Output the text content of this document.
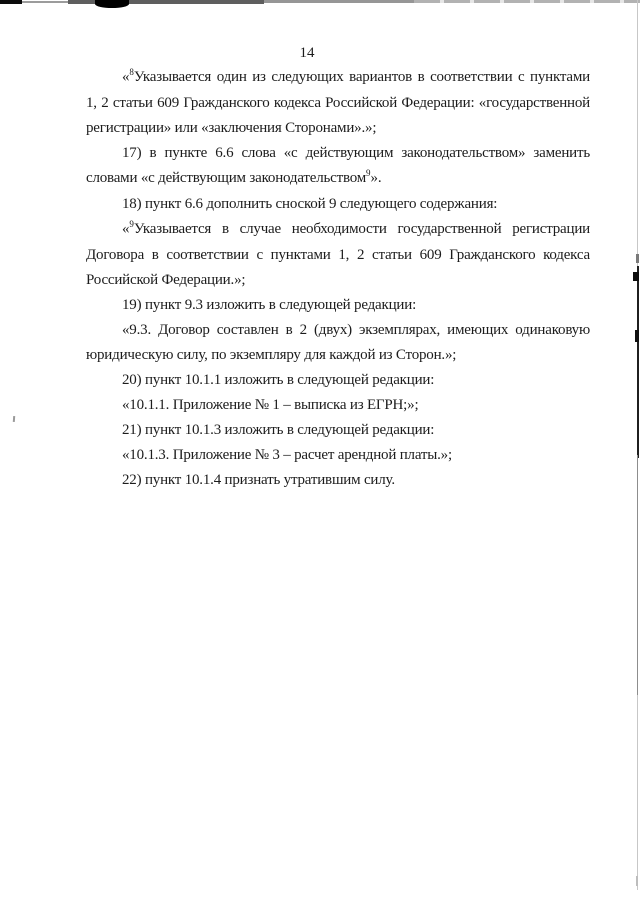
14
«$^8$Указывается один из следующих вариантов в соответствии с пунктами
1, 2 статьи 609 Гражданского кодекса Российской Федерации: «государственной
регистрации» или «заключения Сторонами».»;
17) в пункте 6.6 слова «с действующим законодательством» заменить
словами «с действующим законодательством$^9$».
18) пункт 6.6 дополнить сноской 9 следующего содержания:
«$^9$Указывается в случае необходимости государственной регистрации
Договора в соответствии с пунктами 1, 2 статьи 609 Гражданского кодекса
Российской Федерации.»;
19) пункт 9.3 изложить в следующей редакции:
«9.3. Договор составлен в 2 (двух) экземплярах, имеющих одинаковую
юридическую силу, по экземпляру для каждой из Сторон.»;
20) пункт 10.1.1 изложить в следующей редакции:
«10.1.1. Приложение № 1 – выписка из ЕГРН;»;
21) пункт 10.1.3 изложить в следующей редакции:
«10.1.3. Приложение № 3 – расчет арендной платы.»;
22) пункт 10.1.4 признать утратившим силу.
